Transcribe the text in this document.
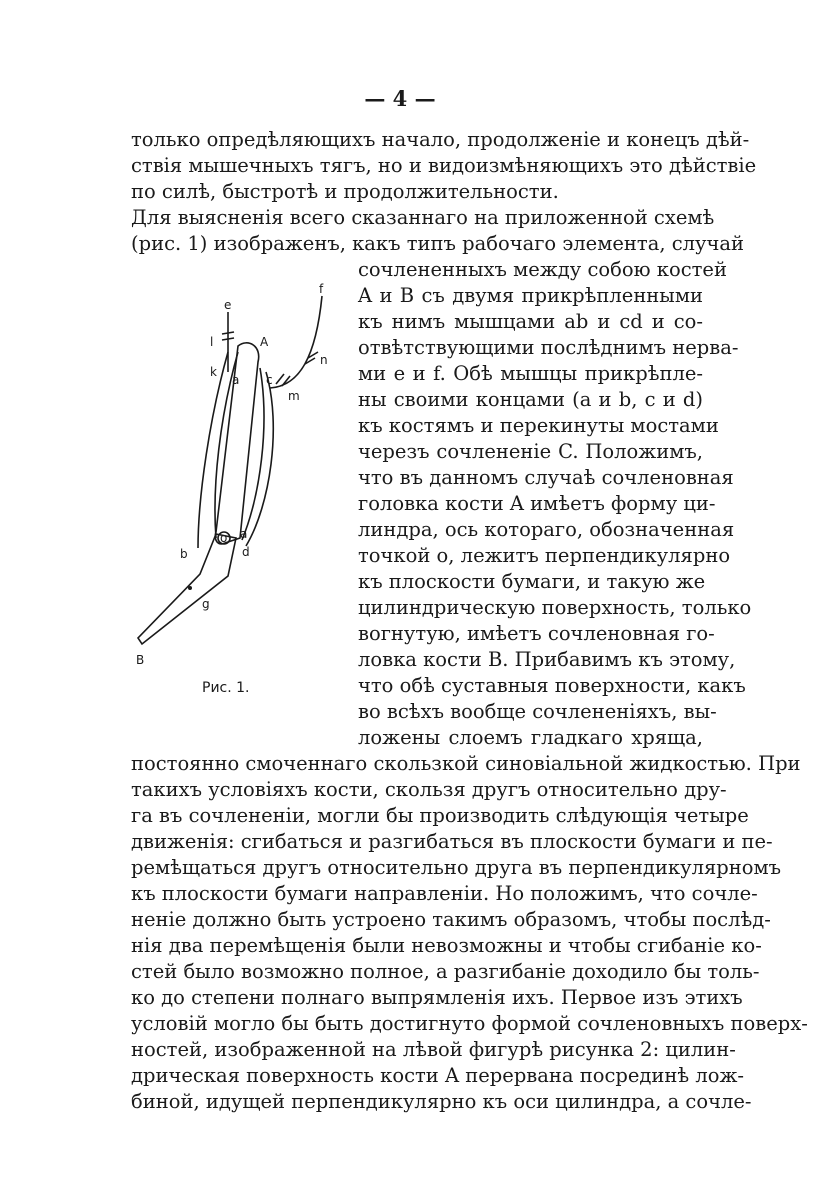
— 4 —

только опредѣляющихъ начало, продолженіе и конецъ дѣй-

ствія мышечныхъ тягъ, но и видоизмѣняющихъ это дѣйствіе

по силѣ, быстротѣ и продолжительности.

Для выясненія всего сказаннаго на приложенной схемѣ

(рис. 1) изображенъ, какъ типъ рабочаго элемента, случай

e
f
l	A
n
k
a c
m
a
b
o
d
g
B
Рис. 1.

сочлененныхъ между собою костей

A и B съ двумя прикрѣпленными

къ нимъ мышцами ab и cd и со-

отвѣтствующими послѣднимъ нерва-

ми e и f. Обѣ мышцы прикрѣпле-

ны своими концами (a и b, c и d)

къ костямъ и перекинуты мостами

черезъ сочлененіе C. Положимъ,

что въ данномъ случаѣ сочленовная

головка кости A имѣетъ форму ци-

линдра, ось котораго, обозначенная

точкой o, лежитъ перпендикулярно

къ плоскости бумаги, и такую же

цилиндрическую поверхность, только

вогнутую, имѣетъ сочленовная го-

ловка кости B. Прибавимъ къ этому,

что обѣ суставныя поверхности, какъ

во всѣхъ вообще сочлененіяхъ, вы-

ложены слоемъ гладкаго хряща,

постоянно смоченнаго скользкой синовіальной жидкостью. При

такихъ условіяхъ кости, скользя другъ относительно дру-

га въ сочлененіи, могли бы производить слѣдующія четыре

движенія: сгибаться и разгибаться въ плоскости бумаги и пе-

ремѣщаться другъ относительно друга въ перпендикулярномъ

къ плоскости бумаги направленіи. Но положимъ, что сочле-

неніе должно быть устроено такимъ образомъ, чтобы послѣд-

нія два перемѣщенія были невозможны и чтобы сгибаніе ко-

стей было возможно полное, а разгибаніе доходило бы толь-

ко до степени полнаго выпрямленія ихъ. Первое изъ этихъ

условій могло бы быть достигнуто формой сочленовныхъ поверх-

ностей, изображенной на лѣвой фигурѣ рисунка 2: цилин-

дрическая поверхность кости A перервана посрединѣ лож-

биной, идущей перпендикулярно къ оси цилиндра, а сочле-
